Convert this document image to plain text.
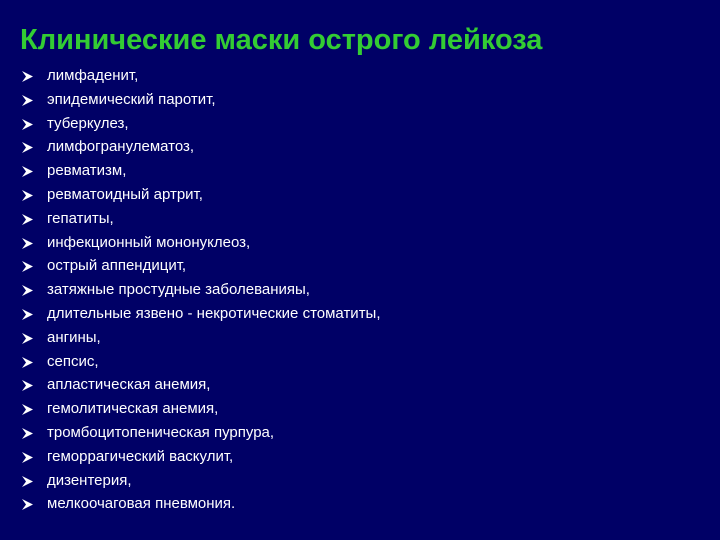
Клинические маски острого лейкоза
лимфаденит,
эпидемический паротит,
туберкулез,
лимфогранулематоз,
ревматизм,
ревматоидный артрит,
гепатиты,
инфекционный мононуклеоз,
острый аппендицит,
затяжные простудные заболеванияы,
длительные язвено - некротические стоматиты,
ангины,
сепсис,
апластическая анемия,
гемолитическая анемия,
тромбоцитопеническая пурпура,
геморрагический васкулит,
дизентерия,
мелкоочаговая пневмония.
